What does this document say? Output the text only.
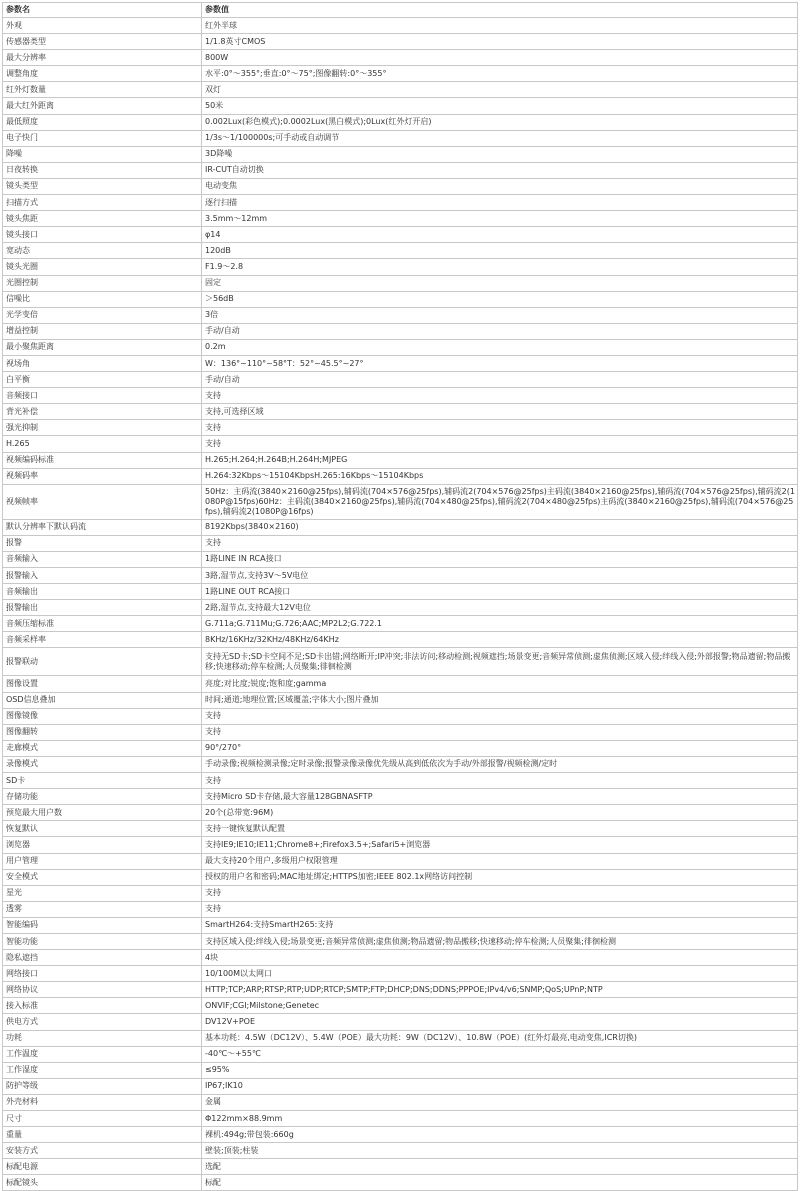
参数名	参数值
外观	红外半球
传感器类型	1/1.8英寸CMOS
最大分辨率	800W
调整角度	水平:0°～355°;垂直:0°～75°;图像翻转:0°～355°
红外灯数量	双灯
最大红外距离	50米
最低照度	0.002Lux(彩色模式);0.0002Lux(黑白模式);0Lux(红外灯开启)
电子快门	1/3s～1/100000s;可手动或自动调节
降噪	3D降噪
日夜转换	IR-CUT自动切换
镜头类型	电动变焦
扫描方式	逐行扫描
镜头焦距	3.5mm～12mm
镜头接口	φ14
宽动态	120dB
镜头光圈	F1.9～2.8
光圈控制	固定
信噪比	＞56dB
光学变倍	3倍
增益控制	手动/自动
最小聚焦距离	0.2m
视场角	W：136°~110°~58°T：52°~45.5°~27°
白平衡	手动/自动
音频接口	支持
背光补偿	支持,可选择区域
强光抑制	支持
H.265	支持
视频编码标准	H.265;H.264;H.264B;H.264H;MJPEG
视频码率	H.264:32Kbps～15104KbpsH.265:16Kbps～15104Kbps
视频帧率	50Hz：主码流(3840×2160@25fps),辅码流(704×576@25fps),辅码流2(704×576@25fps)主码流(3840×2160@25fps),辅码流(704×576@25fps),辅码流2(1080P@15fps)60Hz：主码流(3840×2160@25fps),辅码流(704×480@25fps),辅码流2(704×480@25fps)主码流(3840×2160@25fps),辅码流(704×576@25fps),辅码流2(1080P@16fps)
默认分辨率下默认码流	8192Kbps(3840×2160)
报警	支持
音频输入	1路LINE IN RCA接口
报警输入	3路,湿节点,支持3V～5V电位
音频输出	1路LINE OUT RCA接口
报警输出	2路,湿节点,支持最大12V电位
音频压缩标准	G.711a;G.711Mu;G.726;AAC;MP2L2;G.722.1
音频采样率	8KHz/16KHz/32KHz/48KHz/64KHz
报警联动	支持无SD卡;SD卡空间不足;SD卡出错;网络断开;IP冲突;非法访问;移动检测;视频遮挡;场景变更;音频异常侦测;虚焦侦测;区域入侵;绊线入侵;外部报警;物品遗留;物品搬移;快速移动;停车检测;人员聚集;徘徊检测
图像设置	亮度;对比度;锐度;饱和度;gamma
OSD信息叠加	时间;通道;地理位置;区域覆盖;字体大小;图片叠加
图像镜像	支持
图像翻转	支持
走廊模式	90°/270°
录像模式	手动录像;视频检测录像;定时录像;报警录像录像优先级从高到低依次为手动/外部报警/视频检测/定时
SD卡	支持
存储功能	支持Micro SD卡存储,最大容量128GBNASFTP
预览最大用户数	20个(总带宽:96M)
恢复默认	支持一键恢复默认配置
浏览器	支持IE9;IE10;IE11;Chrome8+;Firefox3.5+;Safari5+浏览器
用户管理	最大支持20个用户,多级用户权限管理
安全模式	授权的用户名和密码;MAC地址绑定;HTTPS加密;IEEE 802.1x网络访问控制
星光	支持
透雾	支持
智能编码	SmartH264:支持SmartH265:支持
智能功能	支持区域入侵;绊线入侵;场景变更;音频异常侦测;虚焦侦测;物品遗留;物品搬移;快速移动;停车检测;人员聚集;徘徊检测
隐私遮挡	4块
网络接口	10/100M以太网口
网络协议	HTTP;TCP;ARP;RTSP;RTP;UDP;RTCP;SMTP;FTP;DHCP;DNS;DDNS;PPPOE;IPv4/v6;SNMP;QoS;UPnP;NTP
接入标准	ONVIF;CGI;Milstone;Genetec
供电方式	DV12V+POE
功耗	基本功耗：4.5W（DC12V）、5.4W（POE）最大功耗：9W（DC12V）、10.8W（POE）(红外灯最亮,电动变焦,ICR切换)
工作温度	-40℃～+55℃
工作湿度	≤95%
防护等级	IP67;IK10
外壳材料	金属
尺寸	Φ122mm×88.9mm
重量	裸机:494g;带包装:660g
安装方式	壁装;顶装;柱装
标配电源	选配
标配镜头	标配
